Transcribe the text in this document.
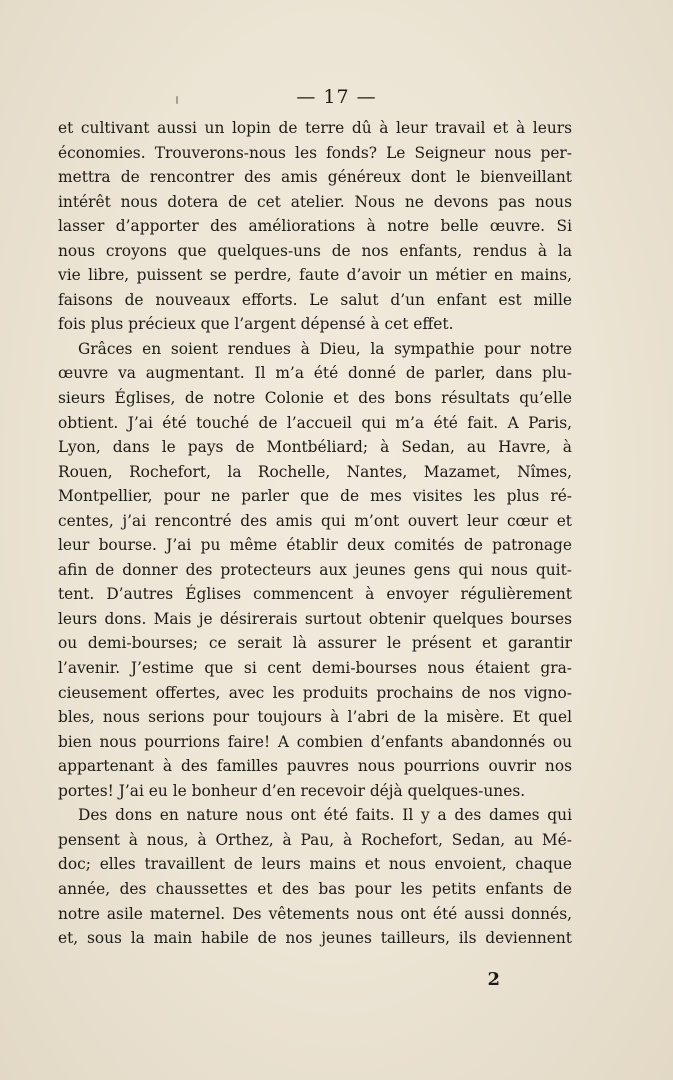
— 17 —
et cultivant aussi un lopin de terre dû à leur travail et à leurs
économies. Trouverons-nous les fonds? Le Seigneur nous per-
mettra de rencontrer des amis généreux dont le bienveillant
intérêt nous dotera de cet atelier. Nous ne devons pas nous
lasser d’apporter des améliorations à notre belle œuvre. Si
nous croyons que quelques-uns de nos enfants, rendus à la
vie libre, puissent se perdre, faute d’avoir un métier en mains,
faisons de nouveaux efforts. Le salut d’un enfant est mille
fois plus précieux que l’argent dépensé à cet effet.
Grâces en soient rendues à Dieu, la sympathie pour notre
œuvre va augmentant. Il m’a été donné de parler, dans plu-
sieurs Églises, de notre Colonie et des bons résultats qu’elle
obtient. J’ai été touché de l’accueil qui m’a été fait. A Paris,
Lyon, dans le pays de Montbéliard; à Sedan, au Havre, à
Rouen, Rochefort, la Rochelle, Nantes, Mazamet, Nîmes,
Montpellier, pour ne parler que de mes visites les plus ré-
centes, j’ai rencontré des amis qui m’ont ouvert leur cœur et
leur bourse. J’ai pu même établir deux comités de patronage
afin de donner des protecteurs aux jeunes gens qui nous quit-
tent. D’autres Églises commencent à envoyer régulièrement
leurs dons. Mais je désirerais surtout obtenir quelques bourses
ou demi-bourses; ce serait là assurer le présent et garantir
l’avenir. J’estime que si cent demi-bourses nous étaient gra-
cieusement offertes, avec les produits prochains de nos vigno-
bles, nous serions pour toujours à l’abri de la misère. Et quel
bien nous pourrions faire! A combien d’enfants abandonnés ou
appartenant à des familles pauvres nous pourrions ouvrir nos
portes! J’ai eu le bonheur d’en recevoir déjà quelques-unes.
Des dons en nature nous ont été faits. Il y a des dames qui
pensent à nous, à Orthez, à Pau, à Rochefort, Sedan, au Mé-
doc; elles travaillent de leurs mains et nous envoient, chaque
année, des chaussettes et des bas pour les petits enfants de
notre asile maternel. Des vêtements nous ont été aussi donnés,
et, sous la main habile de nos jeunes tailleurs, ils deviennent
2
